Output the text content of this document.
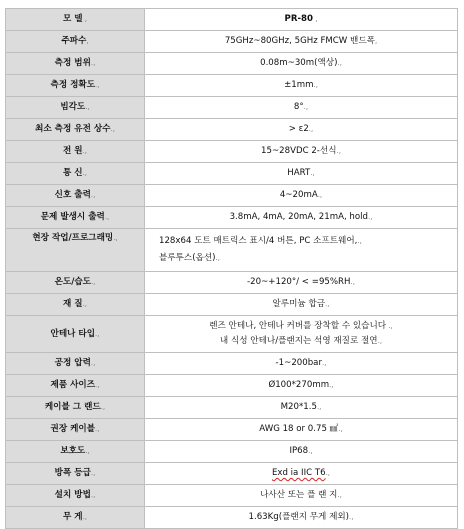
모 델 ,	PR-80 ,
주파수,	75GHz~80GHz, 5GHz FMCW 밴드폭,
측정 범위.,	0.08m~30m(액상).,
측정 정확도.,	±1mm.,
빔각도.,	8°.,
최소 측정 유전 상수.,	> ε2.,
전 원.,	15~28VDC 2-선식.,
통 신.,	HART.,
신호 출력.,	4~20mA.,
문제 발생시 출력.,	3.8mA, 4mA, 20mA, 21mA, hold.,
현장 작업/프로그래밍.,	128x64 도트 매트릭스 표시/4 버튼, PC 소프트웨어,.,
블루투스(옵션).,
온도/습도.,	-20~+120°/ < =95%RH.,
재 질.,	알루미늄 합금.,
안테나 타입.,	렌즈 안테나, 안테나 커버를 장착할 수 있습니다 .,
내 식성 안테나/플랜지는 석영 재질로 절연.,
공정 압력.,	-1~200bar.,
제품 사이즈.,	Ø100*270mm.,
케이블 그 랜드.,	M20*1.5.,
권장 케이블.,	AWG 18 or 0.75 ㎟.,
보호도.,	IP68.,
방폭 등급.,	Exd ia IIC T6.,
설치 방법.,	나사산 또는 플 랜 지.,
무 게.,	1.63Kg(플랜지 무게 제외).,
